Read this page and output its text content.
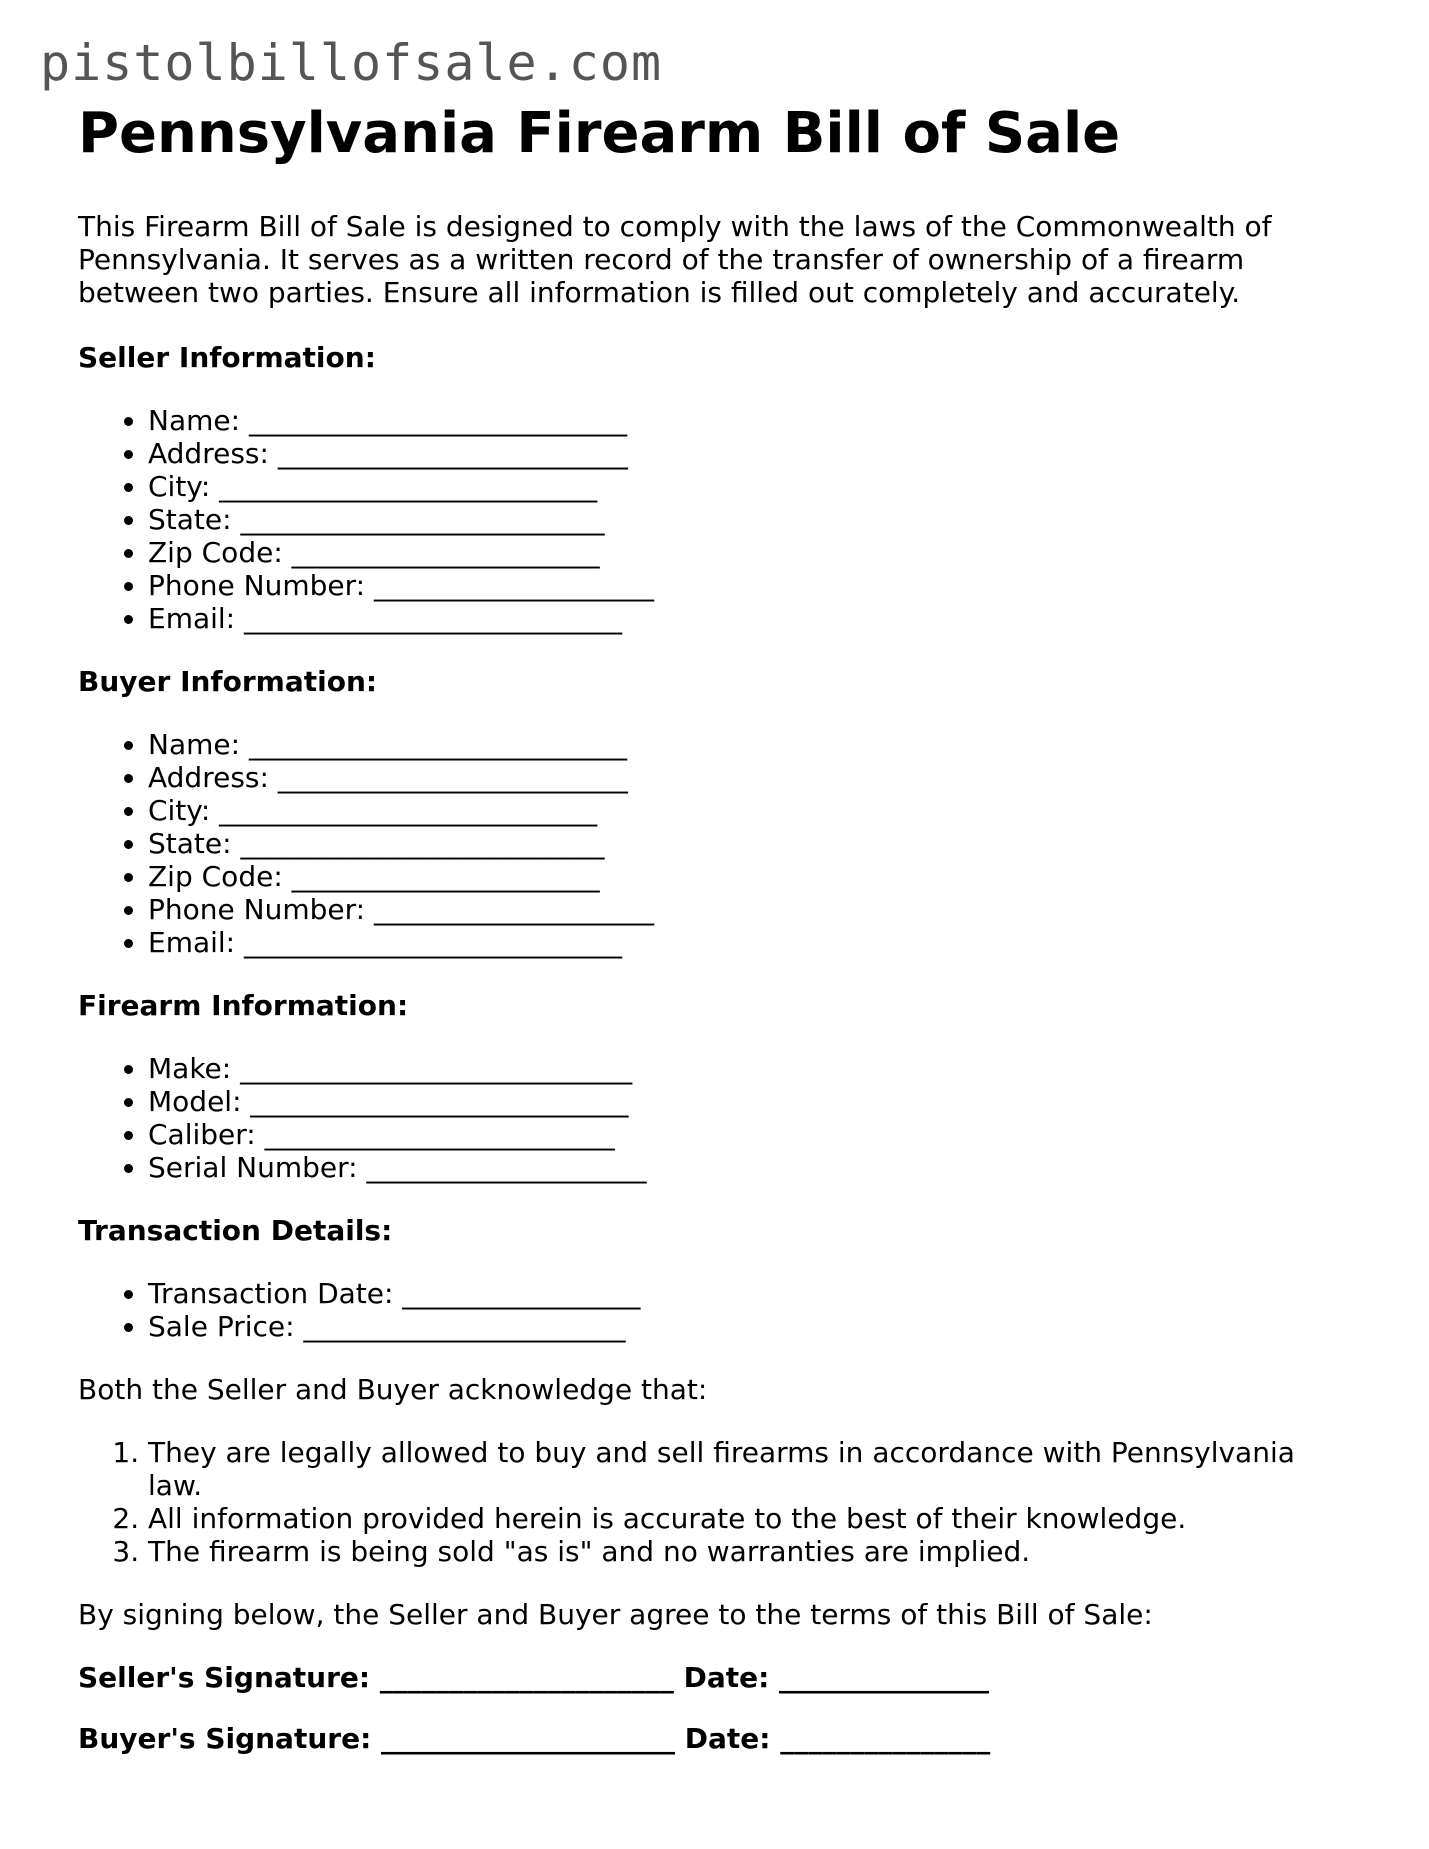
pistolbillofsale.com
Pennsylvania Firearm Bill of Sale

This Firearm Bill of Sale is designed to comply with the laws of the Commonwealth of Pennsylvania. It serves as a written record of the transfer of ownership of a firearm between two parties. Ensure all information is filled out completely and accurately.

Seller Information:
• Name: ___________________________
• Address: _________________________
• City: ___________________________
• State: __________________________
• Zip Code: ______________________
• Phone Number: ____________________
• Email: ___________________________
Buyer Information:
• Name: ___________________________
• Address: _________________________
• City: ___________________________
• State: __________________________
• Zip Code: ______________________
• Phone Number: ____________________
• Email: ___________________________
Firearm Information:
• Make: ____________________________
• Model: ___________________________
• Caliber: _________________________
• Serial Number: ____________________
Transaction Details:
• Transaction Date: _________________
• Sale Price: _______________________

Both the Seller and Buyer acknowledge that:

1. They are legally allowed to buy and sell firearms in accordance with Pennsylvania law.
2. All information provided herein is accurate to the best of their knowledge.
3. The firearm is being sold "as is" and no warranties are implied.

By signing below, the Seller and Buyer agree to the terms of this Bill of Sale:

Seller's Signature: _____________________ Date: _______________
Buyer's Signature: _____________________ Date: _______________
